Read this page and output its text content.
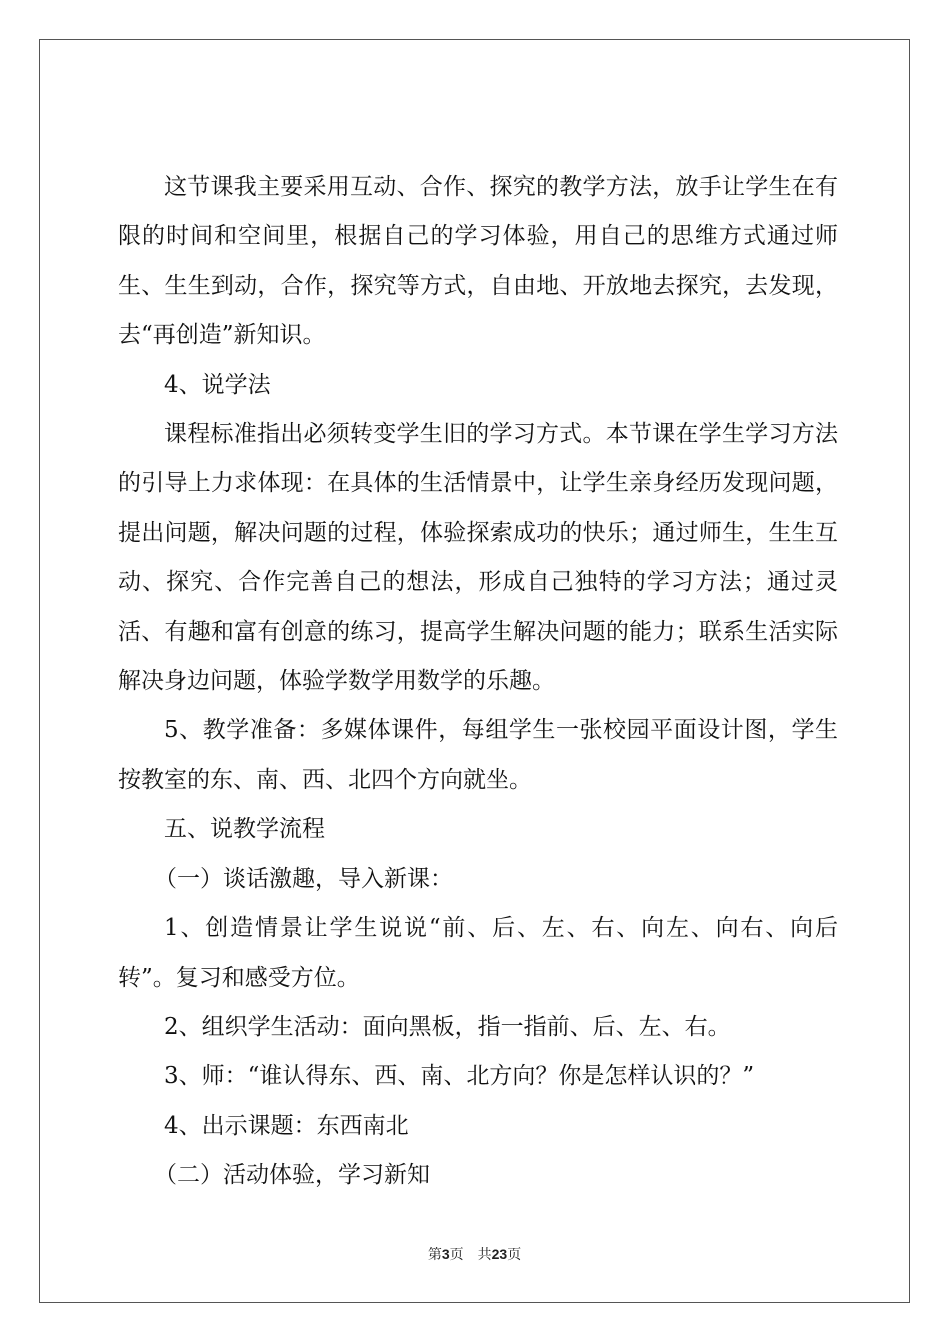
这节课我主要采用互动、合作、探究的教学方法，放手让学生在有限的时间和空间里，根据自己的学习体验，用自己的思维方式通过师生、生生到动，合作，探究等方式，自由地、开放地去探究，去发现，去“再创造”新知识。

4、说学法

课程标准指出必须转变学生旧的学习方式。本节课在学生学习方法的引导上力求体现：在具体的生活情景中，让学生亲身经历发现问题，提出问题，解决问题的过程，体验探索成功的快乐；通过师生，生生互动、探究、合作完善自己的想法，形成自己独特的学习方法；通过灵活、有趣和富有创意的练习，提高学生解决问题的能力；联系生活实际解决身边问题，体验学数学用数学的乐趣。

5、教学准备：多媒体课件，每组学生一张校园平面设计图，学生按教室的东、南、西、北四个方向就坐。

五、说教学流程

（一）谈话激趣，导入新课：

1、创造情景让学生说说“前、后、左、右、向左、向右、向后转”。复习和感受方位。

2、组织学生活动：面向黑板，指一指前、后、左、右。

3、师：“谁认得东、西、南、北方向？你是怎样认识的？”

4、出示课题：东西南北

（二）活动体验，学习新知

第3页 共23页
